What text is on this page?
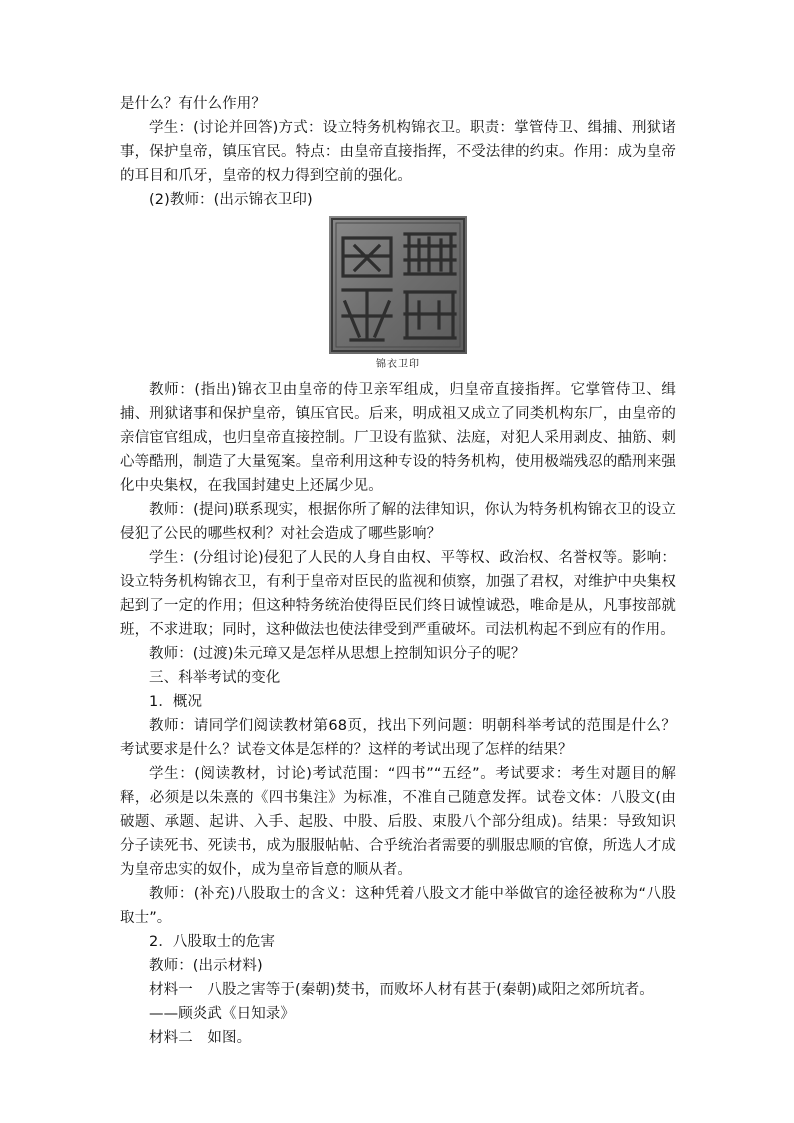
是什么？有什么作用？

学生：(讨论并回答)方式：设立特务机构锦衣卫。职责：掌管侍卫、缉捕、刑狱诸事，保护皇帝，镇压官民。特点：由皇帝直接指挥，不受法律的约束。作用：成为皇帝的耳目和爪牙，皇帝的权力得到空前的强化。

(2)教师：(出示锦衣卫印)

锦衣卫印

教师：(指出)锦衣卫由皇帝的侍卫亲军组成，归皇帝直接指挥。它掌管侍卫、缉捕、刑狱诸事和保护皇帝，镇压官民。后来，明成祖又成立了同类机构东厂，由皇帝的亲信宦官组成，也归皇帝直接控制。厂卫设有监狱、法庭，对犯人采用剥皮、抽筋、刺心等酷刑，制造了大量冤案。皇帝利用这种专设的特务机构，使用极端残忍的酷刑来强化中央集权，在我国封建史上还属少见。

教师：(提问)联系现实，根据你所了解的法律知识，你认为特务机构锦衣卫的设立侵犯了公民的哪些权利？对社会造成了哪些影响？

学生：(分组讨论)侵犯了人民的人身自由权、平等权、政治权、名誉权等。影响：设立特务机构锦衣卫，有利于皇帝对臣民的监视和侦察，加强了君权，对维护中央集权起到了一定的作用；但这种特务统治使得臣民们终日诚惶诚恐，唯命是从，凡事按部就班，不求进取；同时，这种做法也使法律受到严重破坏。司法机构起不到应有的作用。

教师：(过渡)朱元璋又是怎样从思想上控制知识分子的呢？

三、科举考试的变化

1．概况

教师：请同学们阅读教材第68页，找出下列问题：明朝科举考试的范围是什么？考试要求是什么？试卷文体是怎样的？这样的考试出现了怎样的结果？

学生：(阅读教材，讨论)考试范围：“四书”“五经”。考试要求：考生对题目的解释，必须是以朱熹的《四书集注》为标准，不准自己随意发挥。试卷文体：八股文(由破题、承题、起讲、入手、起股、中股、后股、束股八个部分组成)。结果：导致知识分子读死书、死读书，成为服服帖帖、合乎统治者需要的驯服忠顺的官僚，所选人才成为皇帝忠实的奴仆，成为皇帝旨意的顺从者。

教师：(补充)八股取士的含义：这种凭着八股文才能中举做官的途径被称为“八股取士”。

2．八股取士的危害

教师：(出示材料)

材料一　八股之害等于(秦朝)焚书，而败坏人材有甚于(秦朝)咸阳之郊所坑者。

——顾炎武《日知录》

材料二　如图。
